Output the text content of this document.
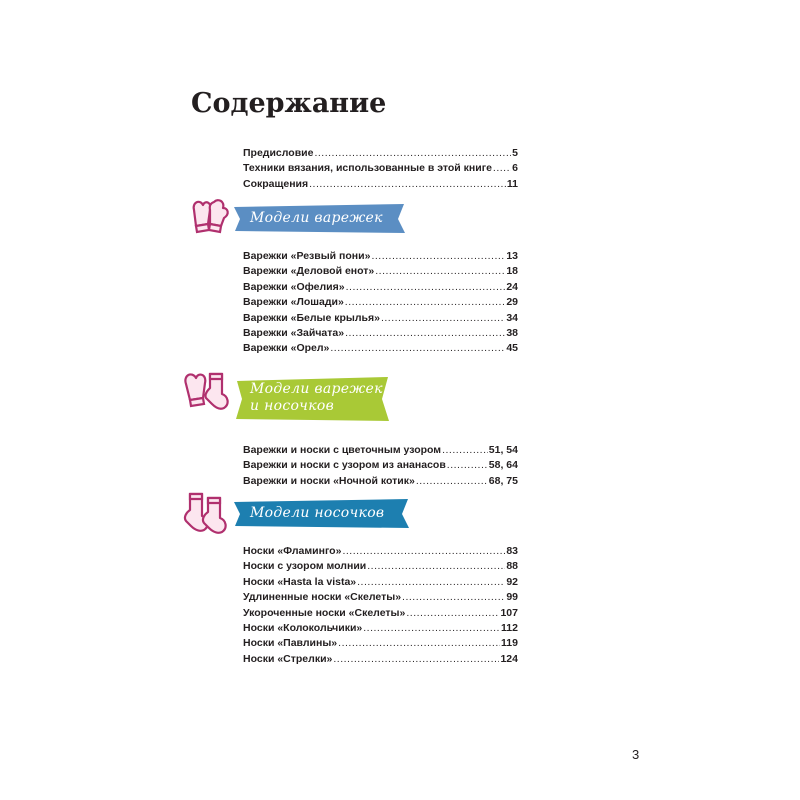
Содержание
Предисловие .....	5
Техники вязания, использованные в этой книге ..... 6
Сокращения .....	11
Модели варежек
Варежки «Резвый пони» .....	13
Варежки «Деловой енот» .....	18
Варежки «Офелия» .....	24
Варежки «Лошади» .....	29
Варежки «Белые крылья» .....	34
Варежки «Зайчата» .....	38
Варежки «Орел» .....	45
Модели варежек
и носочков
Варежки и носки с цветочным узором .....	51, 54
Варежки и носки с узором из ананасов .....	58, 64
Варежки и носки «Ночной котик» .....	68, 75
Модели носочков
Носки «Фламинго» .....	83
Носки с узором молнии .....	88
Носки «Hasta la vista» .....	92
Удлиненные носки «Скелеты» .....	99
Укороченные носки «Скелеты» .....	107
Носки «Колокольчики» .....	112
Носки «Павлины» .....	119
Носки «Стрелки» .....	124
3
